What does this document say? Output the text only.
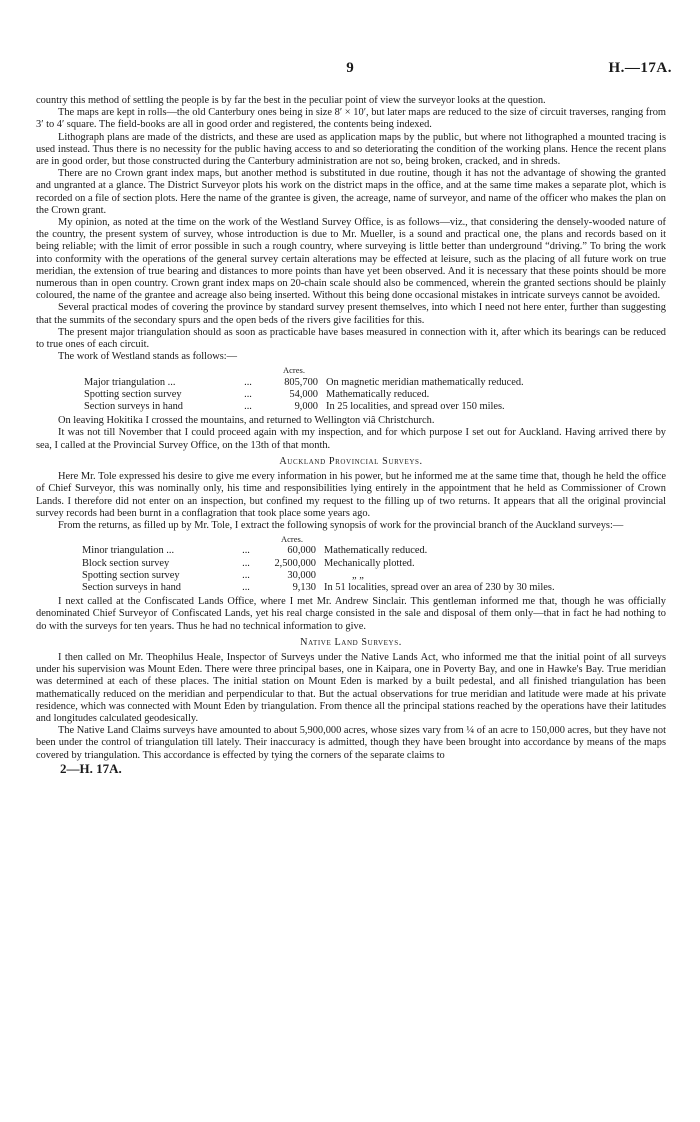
9	H.—17A.

country this method of settling the people is by far the best in the peculiar point of view the surveyor looks at the question.

The maps are kept in rolls—the old Canterbury ones being in size 8′ × 10′, but later maps are reduced to the size of circuit traverses, ranging from 3′ to 4′ square. The field-books are all in good order and registered, the contents being indexed.

Lithograph plans are made of the districts, and these are used as application maps by the public, but where not lithographed a mounted tracing is used instead. Thus there is no necessity for the public having access to and so deteriorating the condition of the working plans. Hence the recent plans are in good order, but those constructed during the Canterbury administration are not so, being broken, cracked, and in shreds.

There are no Crown grant index maps, but another method is substituted in due routine, though it has not the advantage of showing the granted and ungranted at a glance. The District Surveyor plots his work on the district maps in the office, and at the same time makes a separate plot, which is recorded on a file of section plots. Here the name of the grantee is given, the acreage, name of surveyor, and name of the officer who makes the plan on the Crown grant.

My opinion, as noted at the time on the work of the Westland Survey Office, is as follows—viz., that considering the densely-wooded nature of the country, the present system of survey, whose introduction is due to Mr. Mueller, is a sound and practical one, the plans and records based on it being reliable; with the limit of error possible in such a rough country, where surveying is little better than underground “driving.” To bring the work into conformity with the operations of the general survey certain alterations may be effected at leisure, such as the placing of all future work on true meridian, the extension of true bearing and distances to more points than have yet been observed. And it is necessary that these points should be more numerous than in open country. Crown grant index maps on 20-chain scale should also be commenced, wherein the granted sections should be plainly coloured, the name of the grantee and acreage also being inserted. Without this being done occasional mistakes in intricate surveys cannot be avoided.

Several practical modes of covering the province by standard survey present themselves, into which I need not here enter, further than suggesting that the summits of the secondary spurs and the open beds of the rivers give facilities for this.

The present major triangulation should as soon as practicable have bases measured in connection with it, after which its bearings can be reduced to true ones of each circuit.

The work of Westland stands as follows:—

		Acres.	
Major triangulation ...	...	805,700	On magnetic meridian mathematically reduced.
Spotting section survey	...	54,000	Mathematically reduced.
Section surveys in hand	...	9,000	In 25 localities, and spread over 150 miles.

On leaving Hokitika I crossed the mountains, and returned to Wellington viâ Christchurch.

It was not till November that I could proceed again with my inspection, and for which purpose I set out for Auckland. Having arrived there by sea, I called at the Provincial Survey Office, on the 13th of that month.

Auckland Provincial Surveys.

Here Mr. Tole expressed his desire to give me every information in his power, but he informed me at the same time that, though he held the office of Chief Surveyor, this was nominally only, his time and responsibilities lying entirely in the appointment that he held as Commissioner of Crown Lands. I therefore did not enter on an inspection, but confined my request to the filling up of two returns. It appears that all the original provincial survey records had been burnt in a conflagration that took place some years ago.

From the returns, as filled up by Mr. Tole, I extract the following synopsis of work for the provincial branch of the Auckland surveys:—

		Acres.	
Minor triangulation ...	...	60,000	Mathematically reduced.
Block section survey	...	2,500,000	Mechanically plotted.
Spotting section survey	...	30,000	„ „
Section surveys in hand	...	9,130	In 51 localities, spread over an area of 230 by 30 miles.

I next called at the Confiscated Lands Office, where I met Mr. Andrew Sinclair. This gentleman informed me that, though he was officially denominated Chief Surveyor of Confiscated Lands, yet his real charge consisted in the sale and disposal of them only—that in fact he had nothing to do with the surveys for ten years. Thus he had no technical information to give.

Native Land Surveys.

I then called on Mr. Theophilus Heale, Inspector of Surveys under the Native Lands Act, who informed me that the initial point of all surveys under his supervision was Mount Eden. There were three principal bases, one in Kaipara, one in Poverty Bay, and one in Hawke's Bay. True meridian was determined at each of these places. The initial station on Mount Eden is marked by a built pedestal, and all finished triangulation has been mathematically reduced on the meridian and perpendicular to that. But the actual observations for true meridian and latitude were made at his private residence, which was connected with Mount Eden by triangulation. From thence all the principal stations reached by the operations have their latitudes and longitudes calculated geodesically.

The Native Land Claims surveys have amounted to about 5,900,000 acres, whose sizes vary from ¼ of an acre to 150,000 acres, but they have not been under the control of triangulation till lately. Their inaccuracy is admitted, though they have been brought into accordance by means of the maps covered by triangulation. This accordance is effected by tying the corners of the separate claims to

2—H. 17A.
